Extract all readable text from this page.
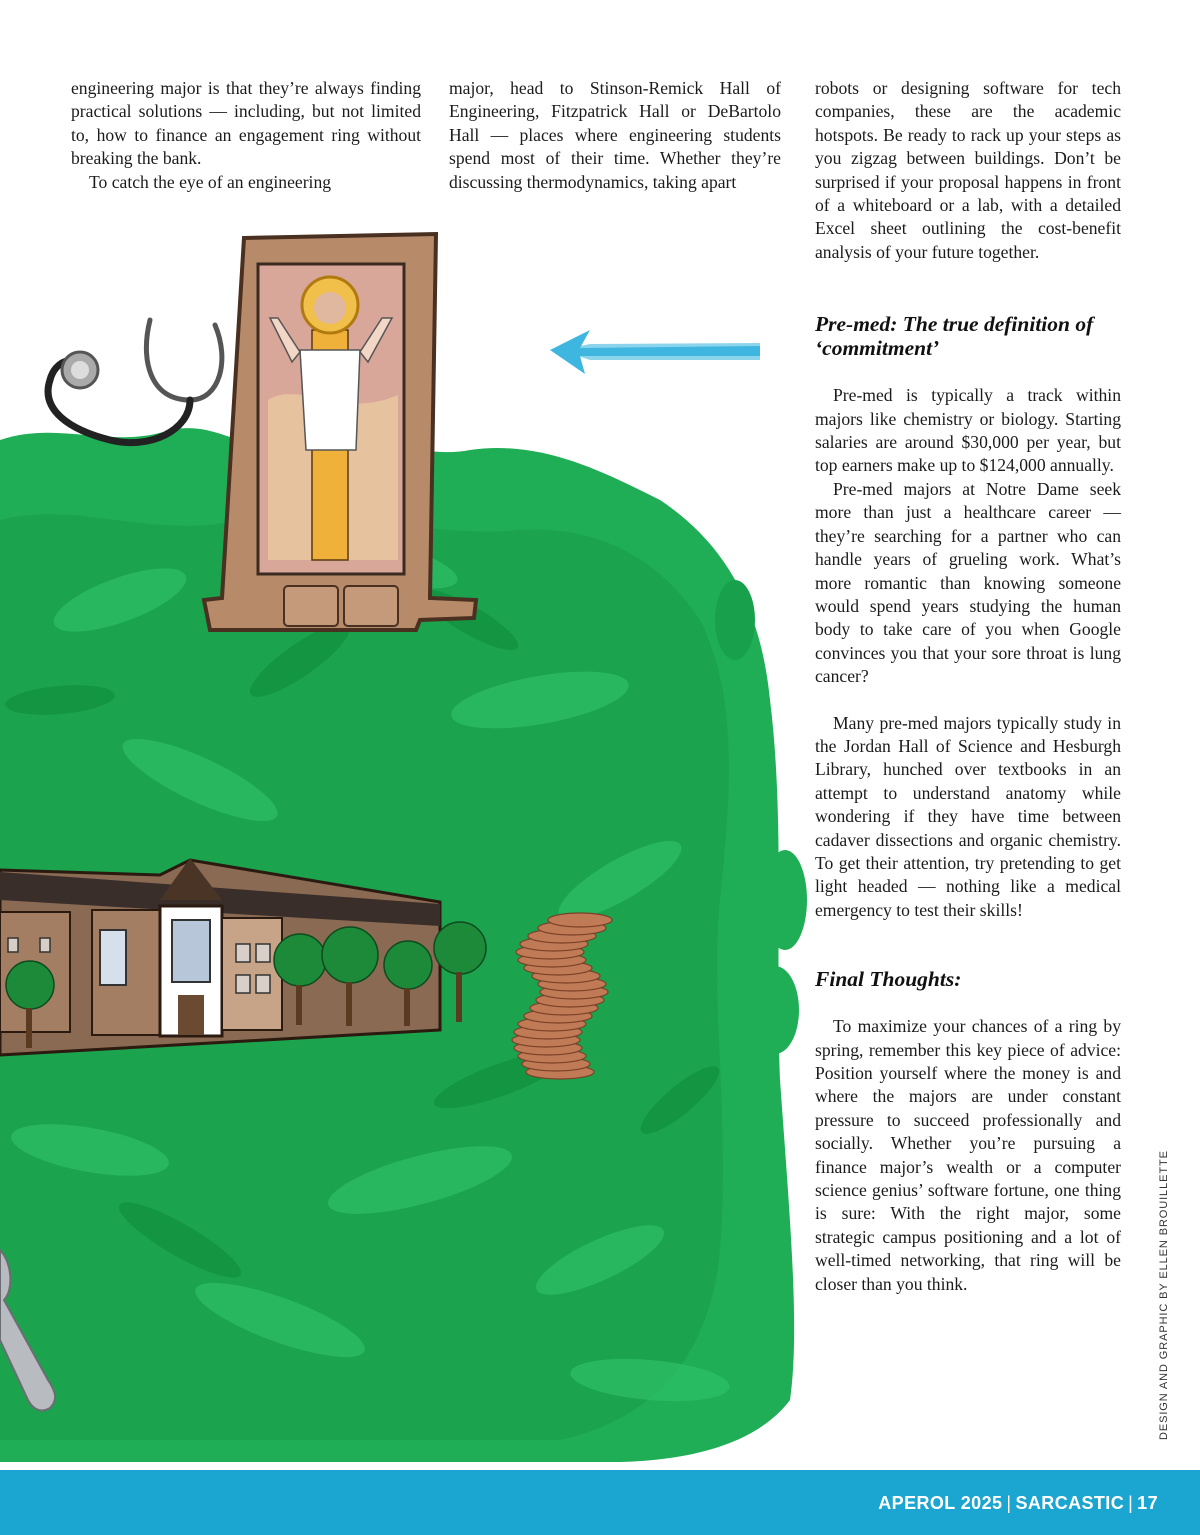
engineering major is that they’re always finding practical solutions — including, but not limited to, how to finance an engagement ring without breaking the bank.

To catch the eye of an engineering

major, head to Stinson-Remick Hall of Engineering, Fitzpatrick Hall or DeBartolo Hall — places where engineering students spend most of their time. Whether they’re discussing thermodynamics, taking apart

robots or designing software for tech companies, these are the academic hotspots. Be ready to rack up your steps as you zigzag between buildings. Don’t be surprised if your proposal happens in front of a whiteboard or a lab, with a detailed Excel sheet outlining the cost-benefit analysis of your future together.

Pre-med: The true definition of ‘commitment’

Pre-med is typically a track within majors like chemistry or biology. Starting salaries are around $30,000 per year, but top earners make up to $124,000 annually.

Pre-med majors at Notre Dame seek more than just a healthcare career — they’re searching for a partner who can handle years of grueling work. What’s more romantic than knowing someone would spend years studying the human body to take care of you when Google convinces you that your sore throat is lung cancer?

Many pre-med majors typically study in the Jordan Hall of Science and Hesburgh Library, hunched over textbooks in an attempt to understand anatomy while wondering if they have time between cadaver dissections and organic chemistry. To get their attention, try pretending to get light headed — nothing like a medical emergency to test their skills!

Final Thoughts:

To maximize your chances of a ring by spring, remember this key piece of advice: Position yourself where the money is and where the majors are under constant pressure to succeed professionally and socially. Whether you’re pursuing a finance major’s wealth or a computer science genius’ software fortune, one thing is sure: With the right major, some strategic campus positioning and a lot of well-timed networking, that ring will be closer than you think.	DESIGN AND GRAPHIC BY ELLEN BROUILLETTE
APEROL 2025 | SARCASTIC | 17
